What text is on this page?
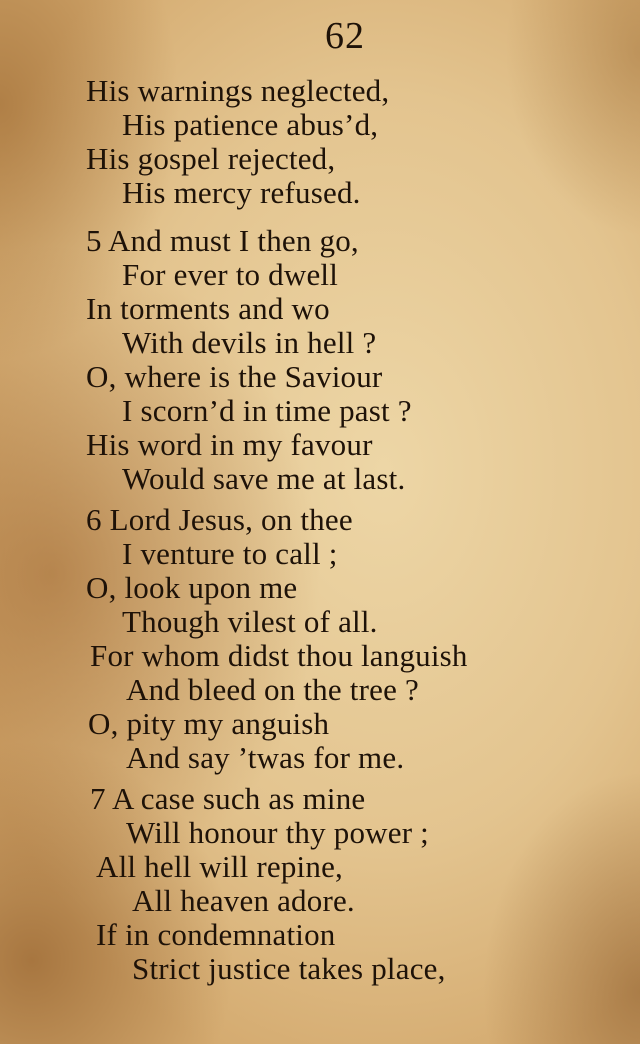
62
His warnings neglected,
His patience abus’d,
His gospel rejected,
His mercy refused.
5 And must I then go,
For ever to dwell
In torments and wo
With devils in hell ?
O, where is the Saviour
I scorn’d in time past ?
His word in my favour
Would save me at last.
6 Lord Jesus, on thee
I venture to call ;
O, look upon me
Though vilest of all.
For whom didst thou languish
And bleed on the tree ?
O, pity my anguish
And say ’twas for me.
7 A case such as mine
Will honour thy power ;
All hell will repine,
All heaven adore.
If in condemnation
Strict justice takes place,
